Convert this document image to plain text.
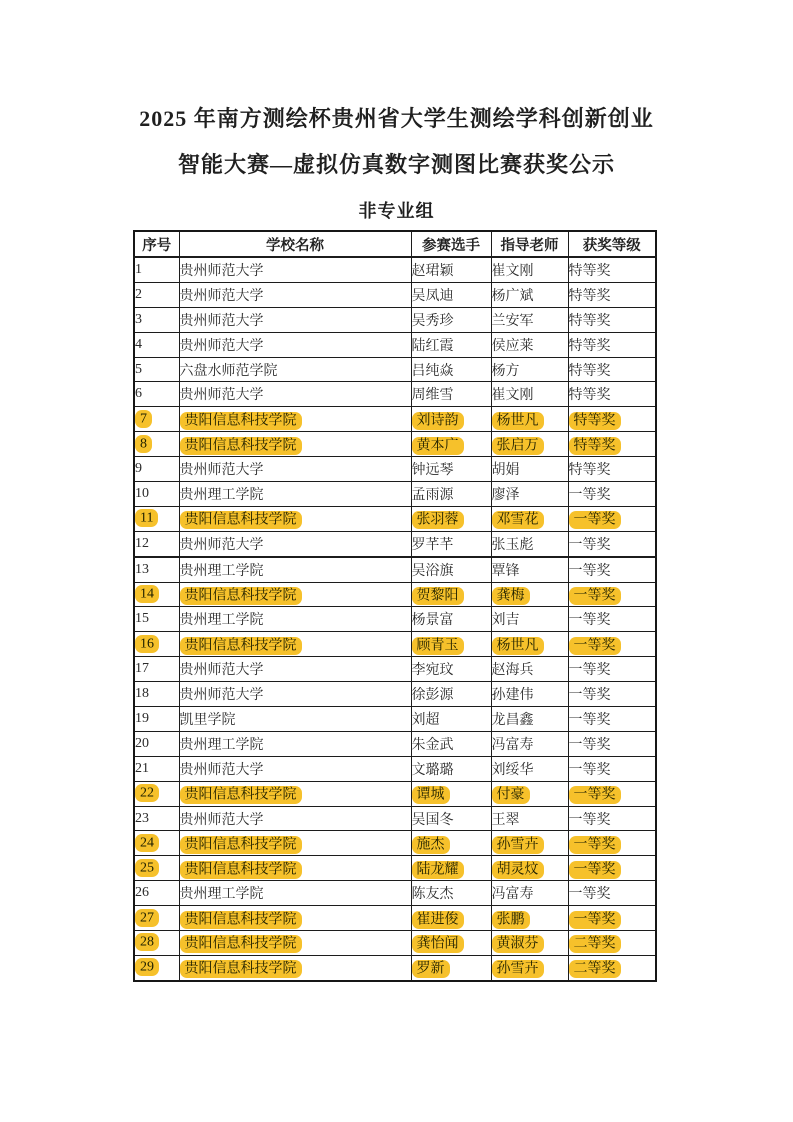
2025 年南方测绘杯贵州省大学生测绘学科创新创业
智能大赛—虚拟仿真数字测图比赛获奖公示
非专业组
序号	学校名称	参赛选手	指导老师	获奖等级
1	贵州师范大学	赵珺颖	崔文刚	特等奖
2	贵州师范大学	吴凤迪	杨广斌	特等奖
3	贵州师范大学	吴秀珍	兰安军	特等奖
4	贵州师范大学	陆红霞	侯应莱	特等奖
5	六盘水师范学院	吕纯焱	杨方	特等奖
6	贵州师范大学	周维雪	崔文刚	特等奖
7	贵阳信息科技学院	刘诗韵	杨世凡	特等奖
8	贵阳信息科技学院	黄本广	张启万	特等奖
9	贵州师范大学	钟远琴	胡娟	特等奖
10	贵州理工学院	孟雨源	廖泽	一等奖
11	贵阳信息科技学院	张羽蓉	邓雪花	一等奖
12	贵州师范大学	罗芊芊	张玉彪	一等奖
13	贵州理工学院	吴浴旗	覃锋	一等奖
14	贵阳信息科技学院	贺黎阳	龚梅	一等奖
15	贵州理工学院	杨景富	刘吉	一等奖
16	贵阳信息科技学院	顾青玉	杨世凡	一等奖
17	贵州师范大学	李宛玟	赵海兵	一等奖
18	贵州师范大学	徐彭源	孙建伟	一等奖
19	凯里学院	刘超	龙昌鑫	一等奖
20	贵州理工学院	朱金武	冯富寿	一等奖
21	贵州师范大学	文璐璐	刘绥华	一等奖
22	贵阳信息科技学院	谭城	付豪	一等奖
23	贵州师范大学	吴国冬	王翠	一等奖
24	贵阳信息科技学院	施杰	孙雪卉	一等奖
25	贵阳信息科技学院	陆龙耀	胡灵炆	一等奖
26	贵州理工学院	陈友杰	冯富寿	一等奖
27	贵阳信息科技学院	崔进俊	张鹏	一等奖
28	贵阳信息科技学院	龚怡闻	黄淑芬	二等奖
29	贵阳信息科技学院	罗新	孙雪卉	二等奖
